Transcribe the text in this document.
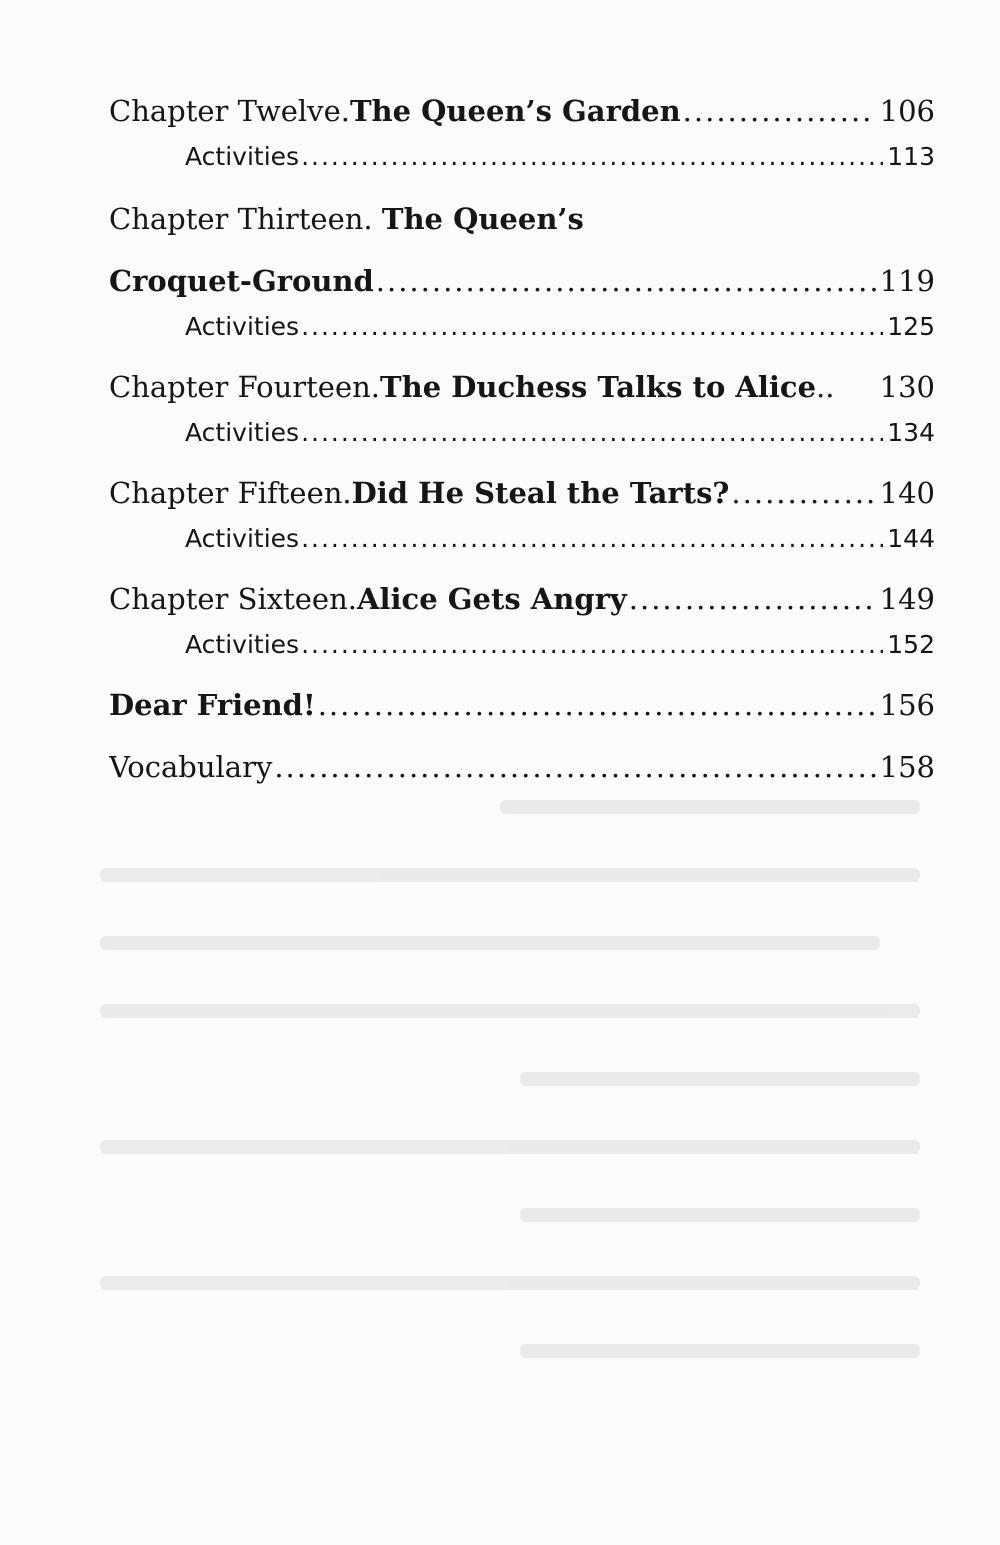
Chapter Twelve. The Queen’s Garden .....	106
Activities .....	113
Chapter Thirteen. The Queen’s
Croquet-Ground .....	119
Activities .....	125
Chapter Fourteen. The Duchess Talks to Alice .. 130
Activities .....	134
Chapter Fifteen. Did He Steal the Tarts? .....	140
Activities .....	144
Chapter Sixteen. Alice Gets Angry .....	149
Activities .....	152
Dear Friend! .....	156
Vocabulary .....	158
